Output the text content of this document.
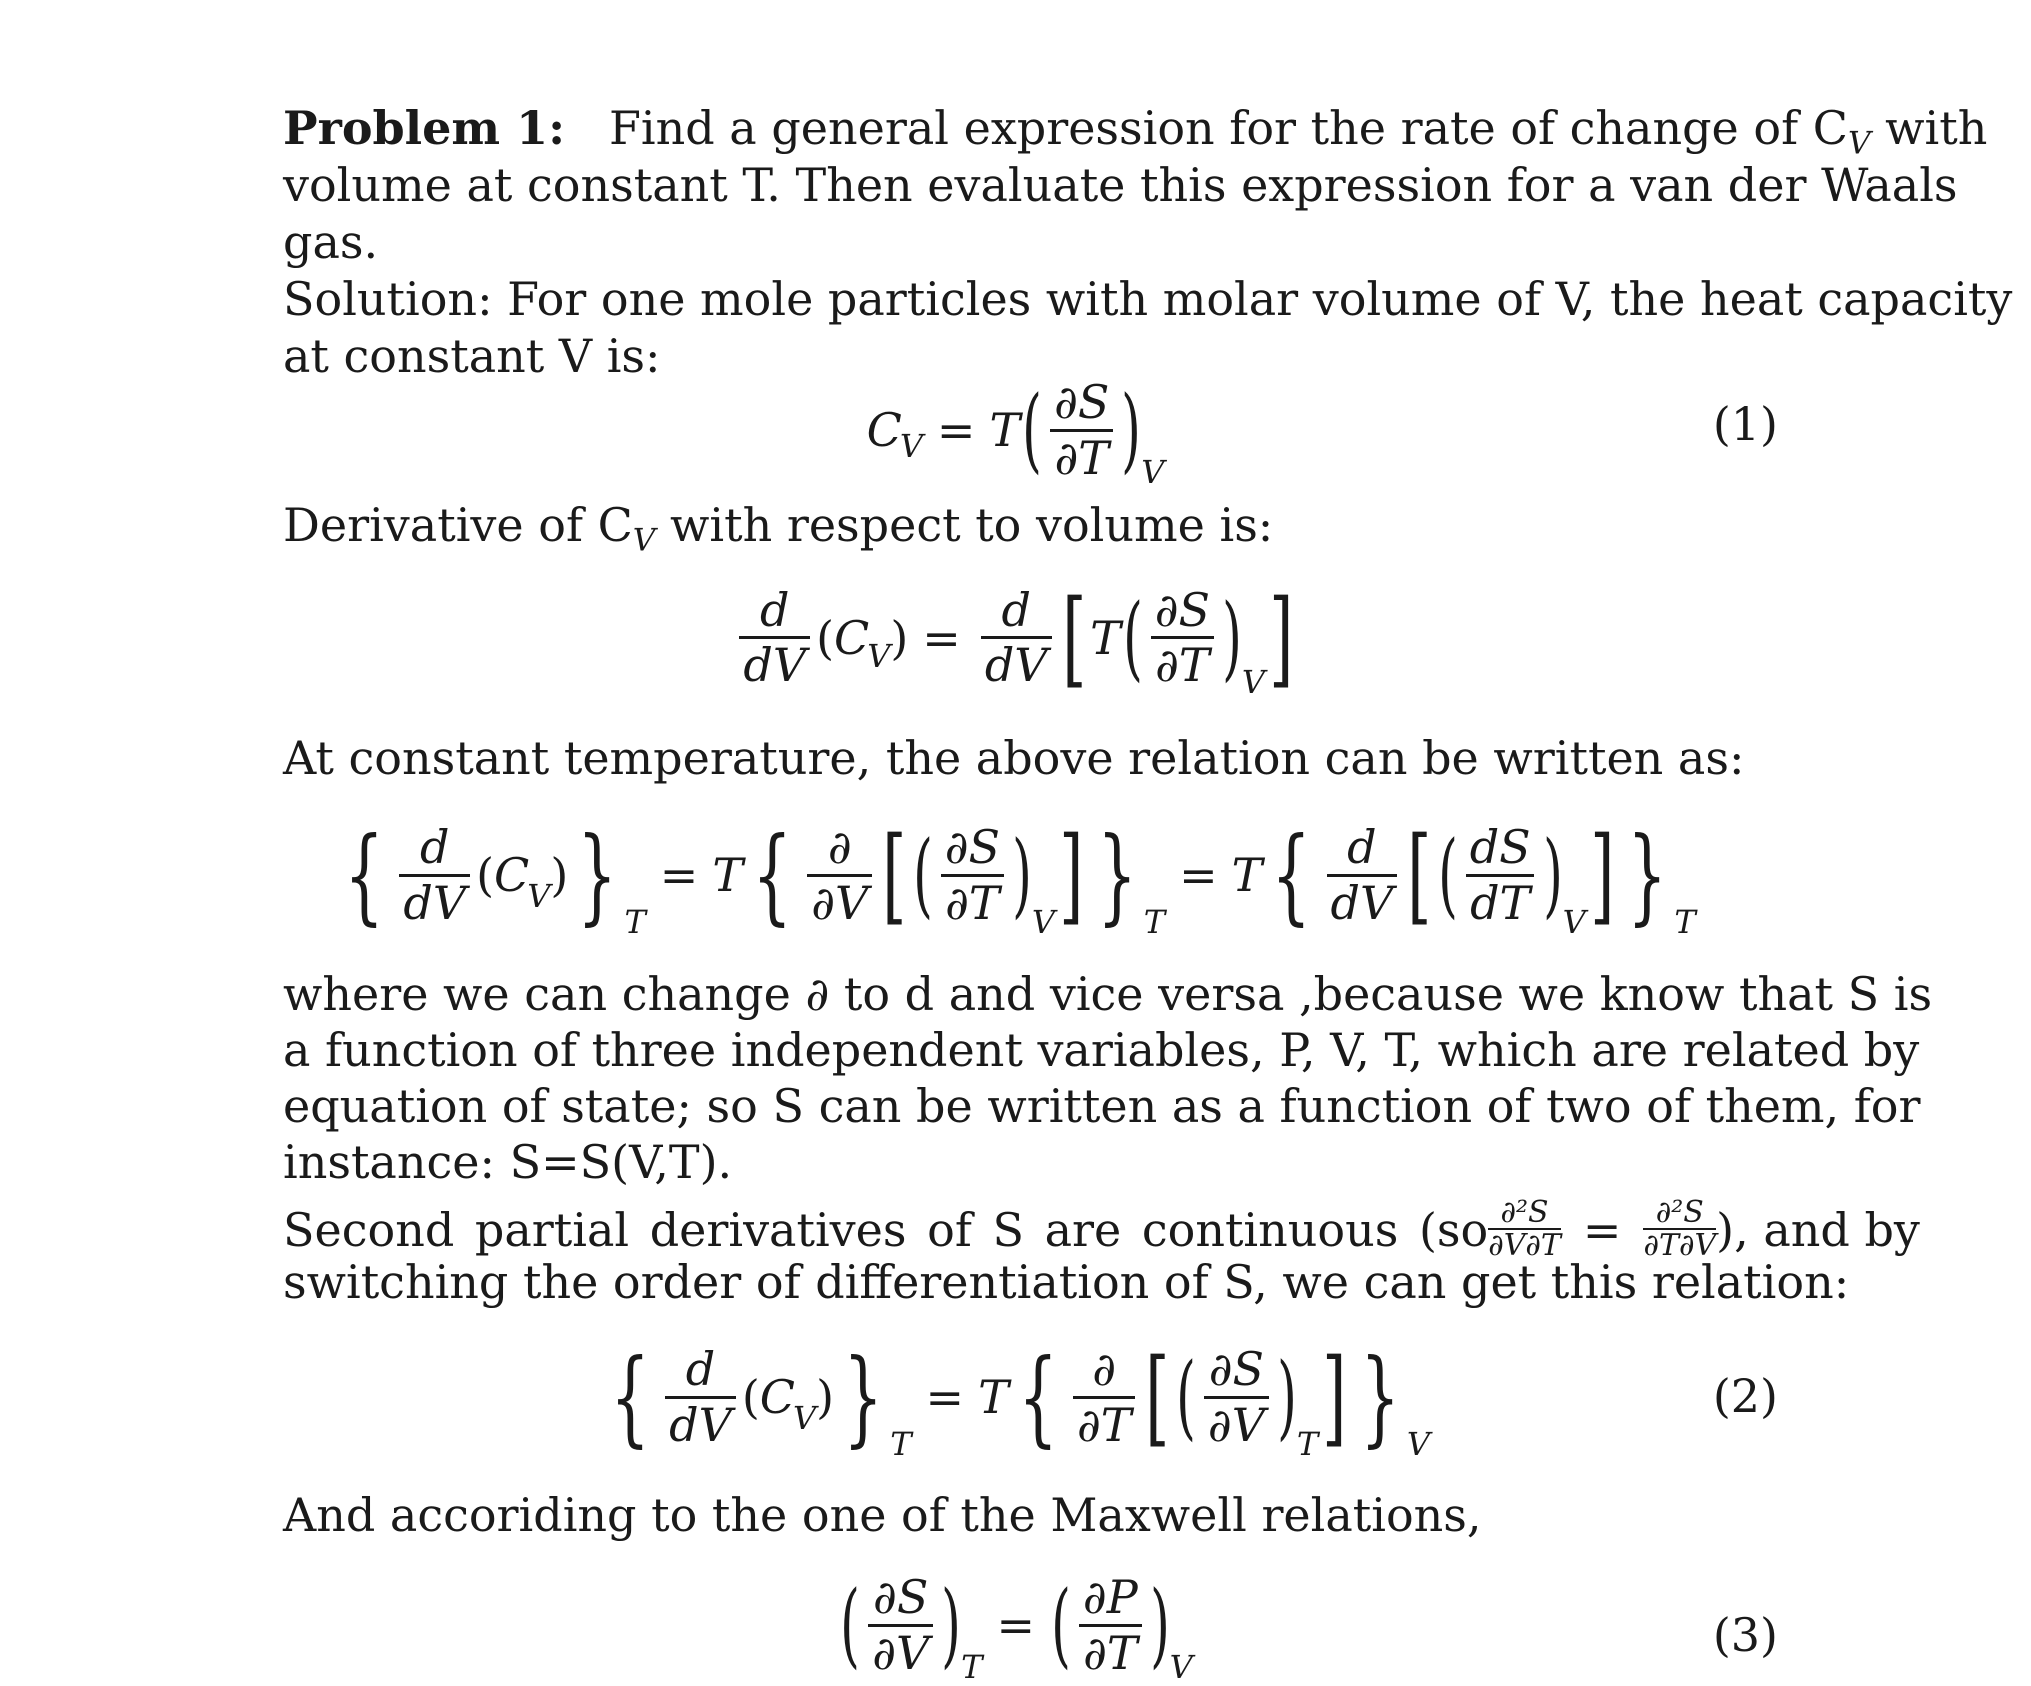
Problem 1: Find a general expression for the rate of change of $C_V$ with
volume at constant T. Then evaluate this expression for a van der Waals
gas.
Solution: For one mole particles with molar volume of V, the heat capacity
at constant V is:
C
V = T ( $\frac{\partial S}{\partial T}$ ) V
(1)
Derivative of $C_V$ with respect to volume is:
$\frac{d}{dV}$ ( C
V ) = $\frac{d}{dV}$ [ T ( $\frac{\partial S}{\partial T}$ ) V ]
At constant temperature, the above relation can be written as:
{ $\frac{d}{dV}$ ( C
V ) } T
= T { $\frac{\partial}{\partial V}$ [ ( $\frac{\partial S}{\partial T}$ ) V ] } T
= T { $\frac{d}{dV}$ [ ( $\frac{dS}{dT}$ ) V ] } T
where we can change ∂ to d and vice versa ,because we know that S is
a function of three independent variables, P, V, T, which are related by
equation of state; so S can be written as a function of two of them, for
instance: S=S(V,T).
Second partial derivatives of S are continuous ($so \frac{\text{∂²S}}{\partial V\partial T} = \frac{\text{∂²S}}{\partial T\partial V}$ ), and by
switching the order of differentiation of S, we can get this relation:
{ $\frac{d}{dV}$ ( C
V ) } T
= T { $\frac{\partial}{\partial T}$ [ ( $\frac{\partial S}{\partial V}$ ) T ] } V
(2)
And accoriding to the one of the Maxwell relations,
( $\frac{\partial S}{\partial V}$ ) T
= ( $\frac{\partial P}{\partial T}$ ) V
(3)
